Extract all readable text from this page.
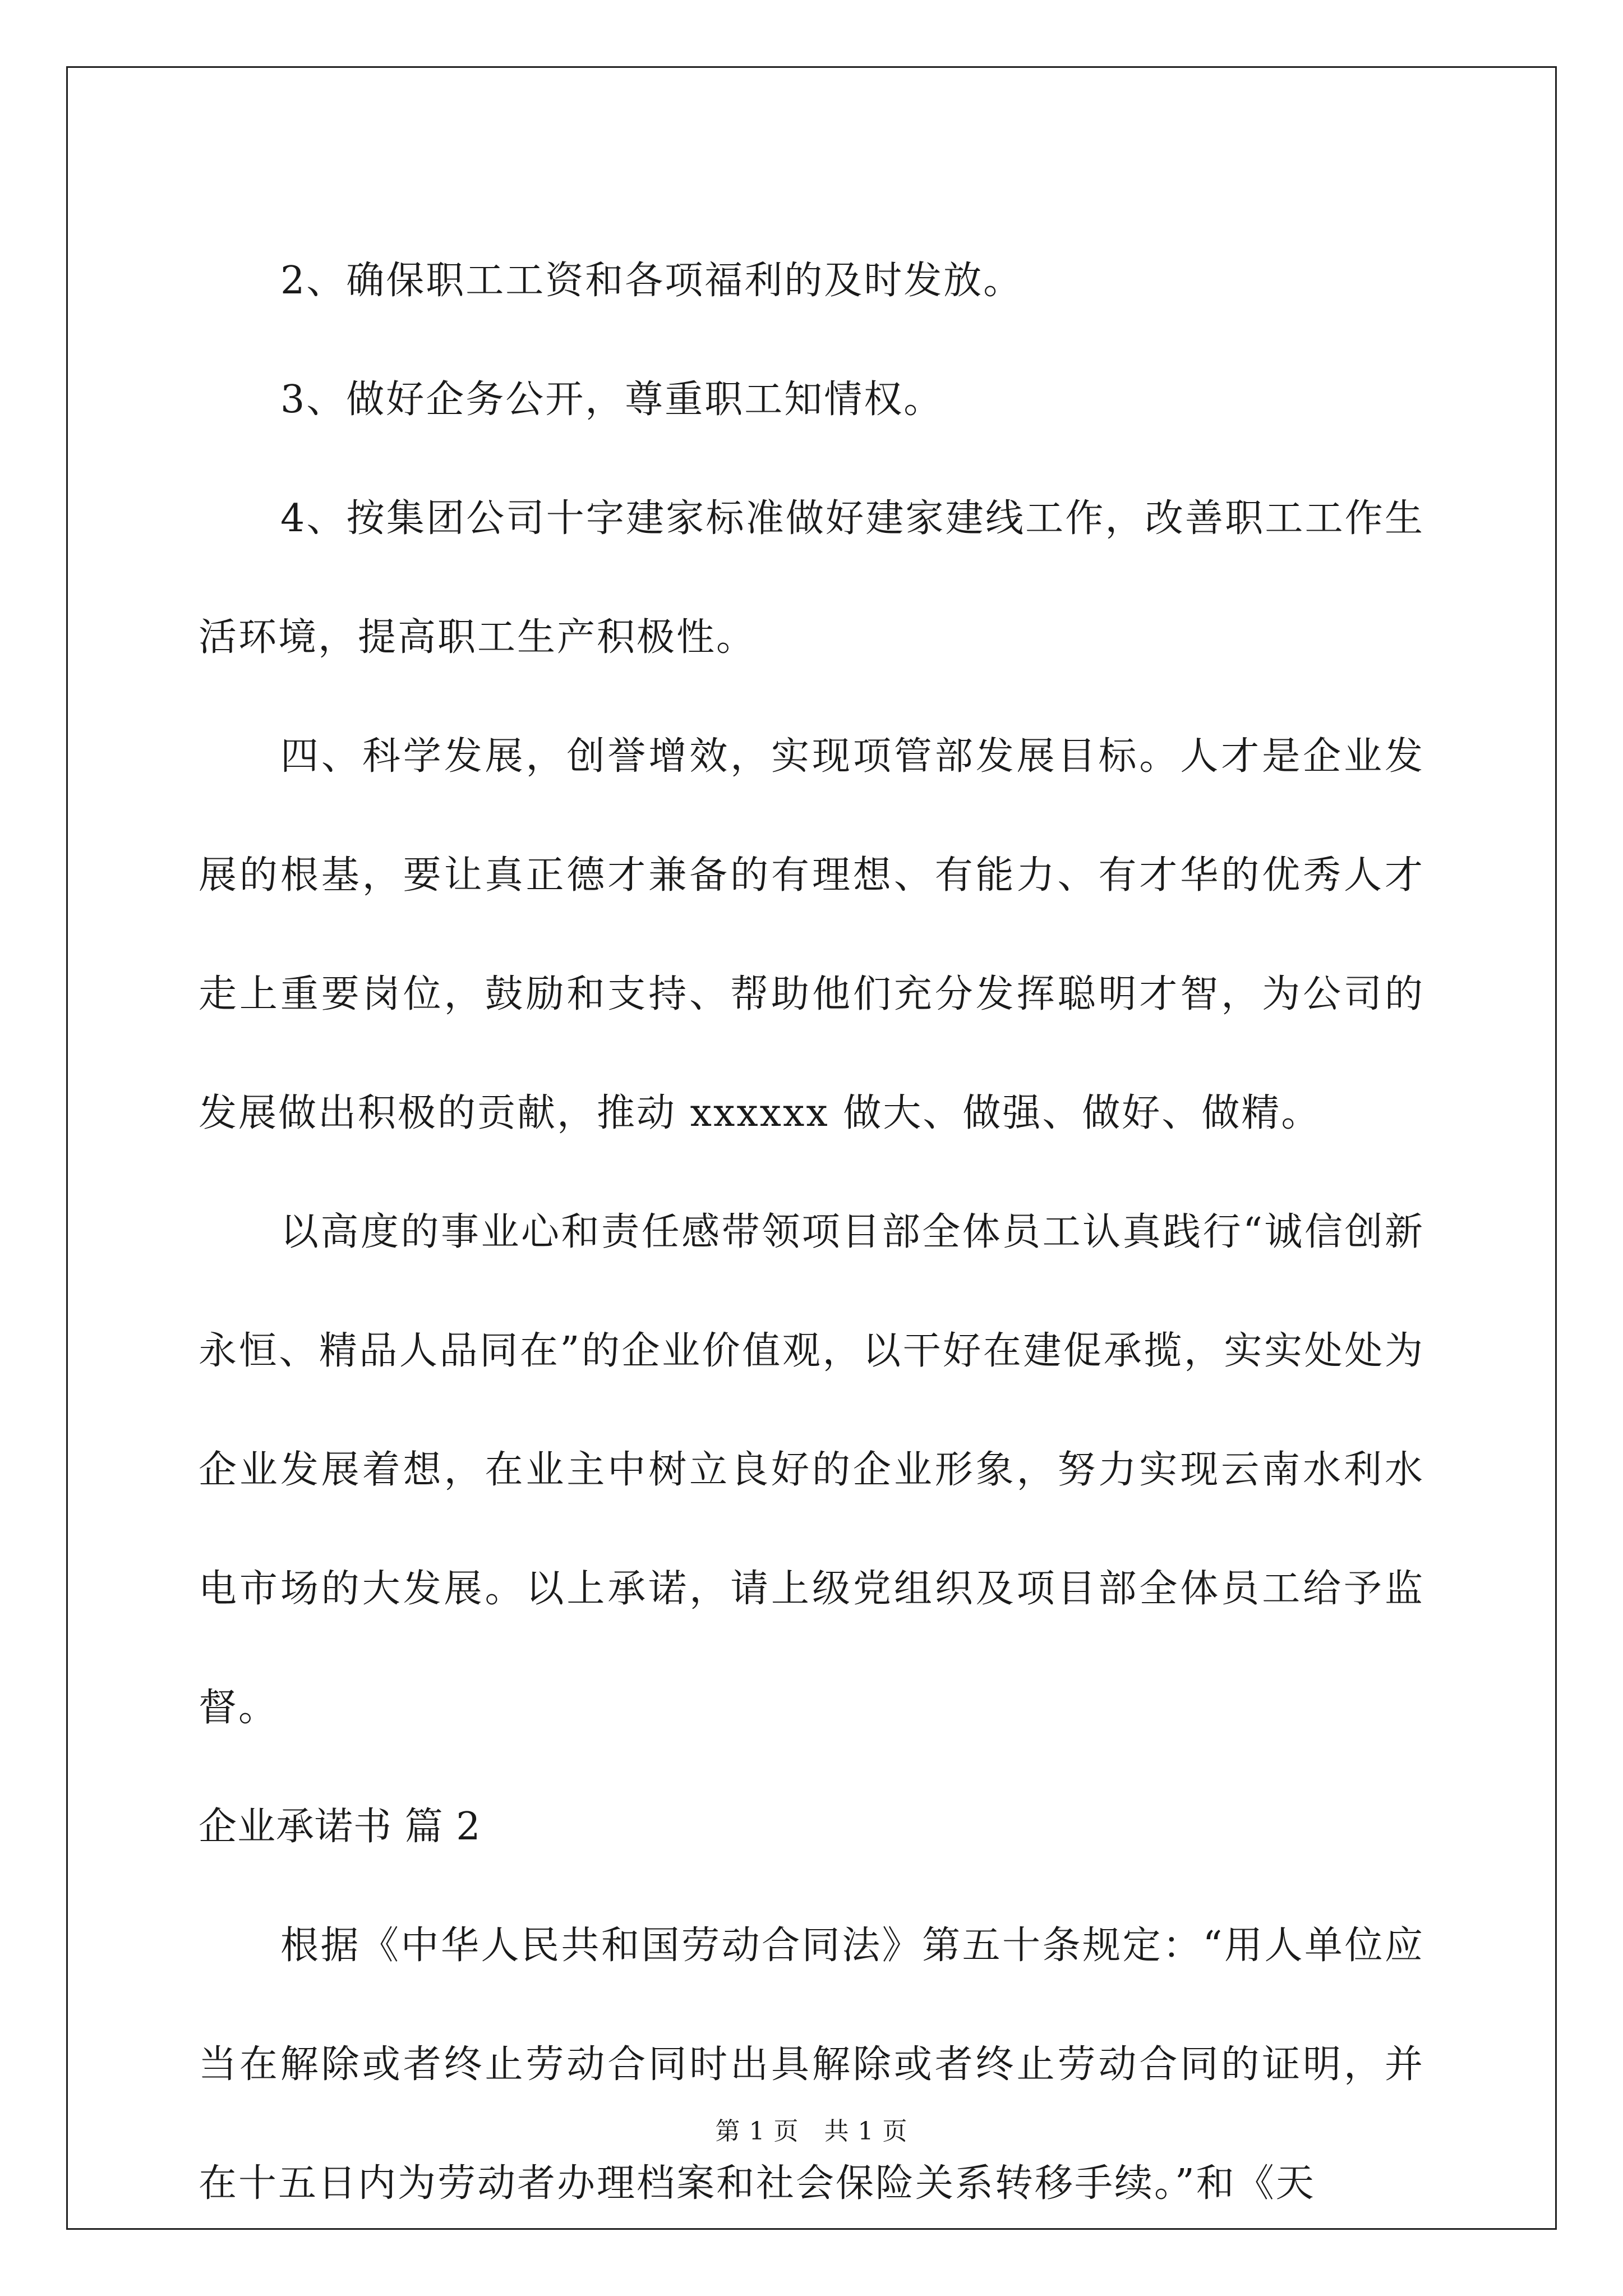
2、确保职工工资和各项福利的及时发放。

3、做好企务公开，尊重职工知情权。

4、按集团公司十字建家标准做好建家建线工作，改善职工工作生活环境，提高职工生产积极性。

四、科学发展，创誉增效，实现项管部发展目标。人才是企业发展的根基，要让真正德才兼备的有理想、有能力、有才华的优秀人才走上重要岗位，鼓励和支持、帮助他们充分发挥聪明才智，为公司的发展做出积极的贡献，推动 xxxxxx 做大、做强、做好、做精。

以高度的事业心和责任感带领项目部全体员工认真践行“诚信创新永恒、精品人品同在”的企业价值观，以干好在建促承揽，实实处处为企业发展着想，在业主中树立良好的企业形象，努力实现云南水利水电市场的大发展。以上承诺，请上级党组织及项目部全体员工给予监督。

企业承诺书 篇 2

根据《中华人民共和国劳动合同法》第五十条规定：“用人单位应当在解除或者终止劳动合同时出具解除或者终止劳动合同的证明，并在十五日内为劳动者办理档案和社会保险关系转移手续。”和《天

第 1 页　共 1 页
